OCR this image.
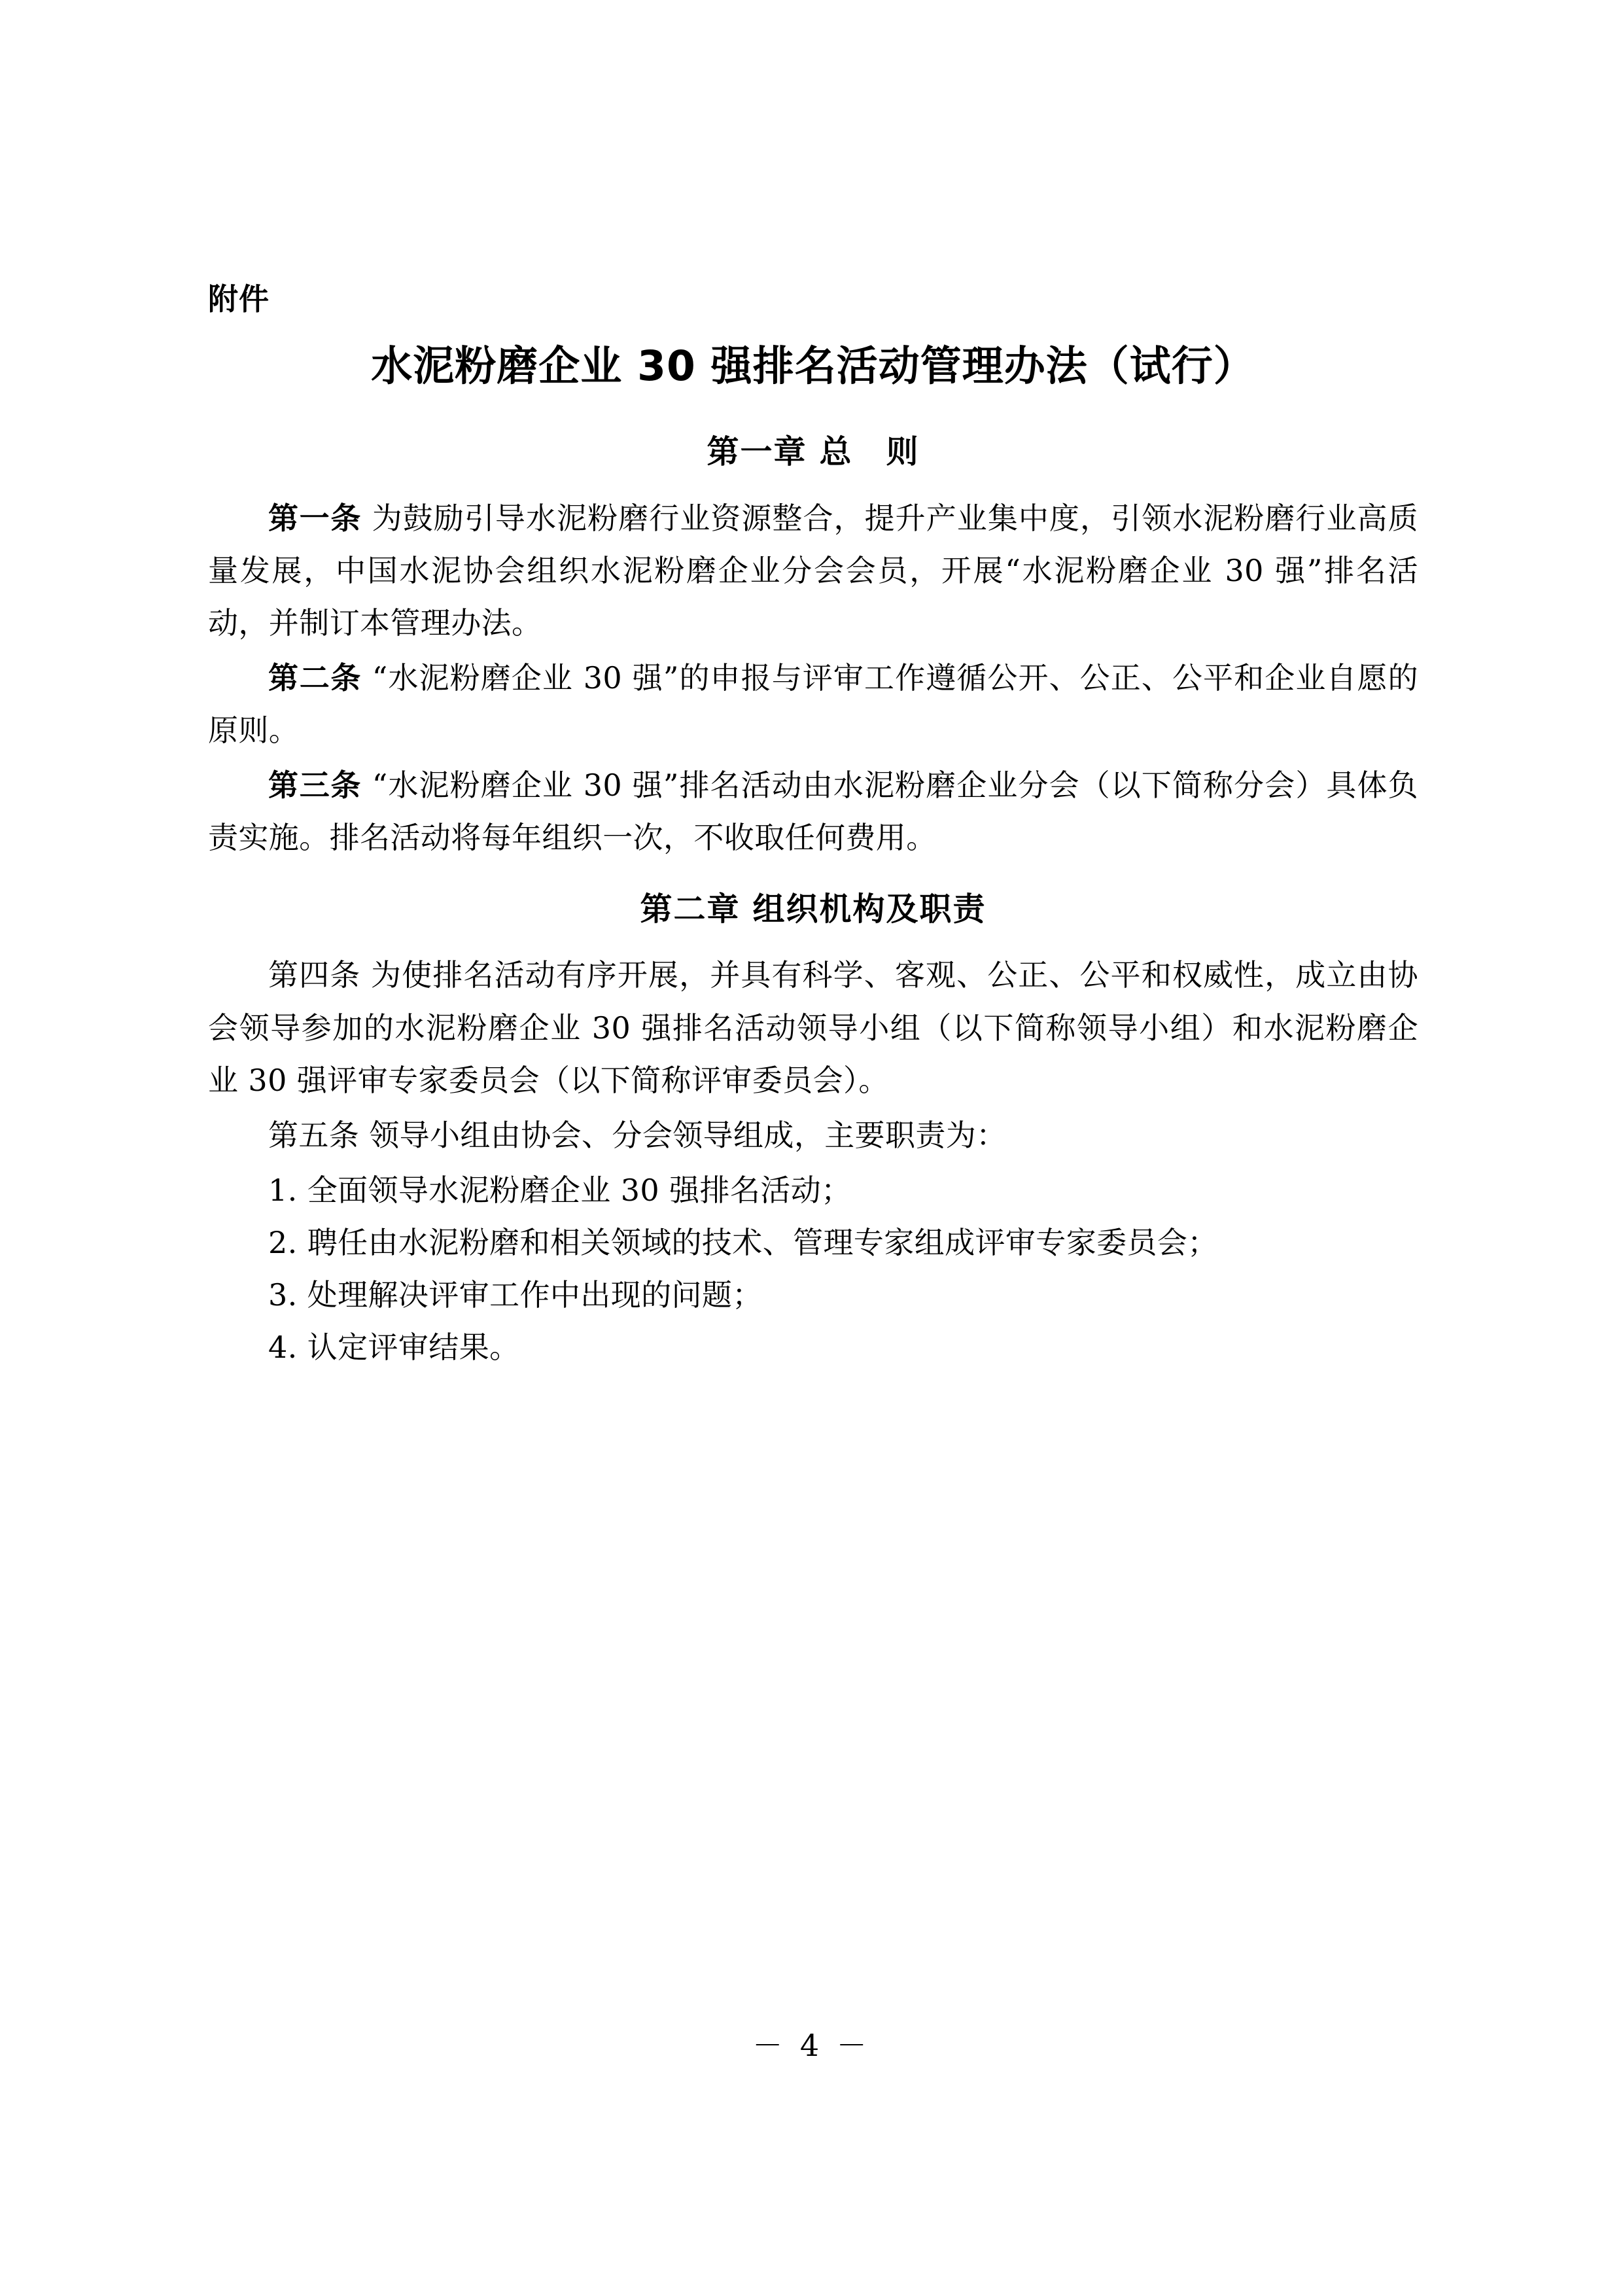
附件

水泥粉磨企业 30 强排名活动管理办法（试行）
第一章 总　则

第一条 为鼓励引导水泥粉磨行业资源整合，提升产业集中度，引领水泥粉磨行业高质量发展，中国水泥协会组织水泥粉磨企业分会会员，开展“水泥粉磨企业 30 强”排名活动，并制订本管理办法。

第二条 “水泥粉磨企业 30 强”的申报与评审工作遵循公开、公正、公平和企业自愿的原则。

第三条 “水泥粉磨企业 30 强”排名活动由水泥粉磨企业分会（以下简称分会）具体负责实施。排名活动将每年组织一次，不收取任何费用。

第二章 组织机构及职责

第四条 为使排名活动有序开展，并具有科学、客观、公正、公平和权威性，成立由协会领导参加的水泥粉磨企业 30 强排名活动领导小组（以下简称领导小组）和水泥粉磨企业 30 强评审专家委员会（以下简称评审委员会）。

第五条 领导小组由协会、分会领导组成，主要职责为：

1. 全面领导水泥粉磨企业 30 强排名活动；

2. 聘任由水泥粉磨和相关领域的技术、管理专家组成评审专家委员会；

3. 处理解决评审工作中出现的问题；

4. 认定评审结果。

－ 4 －
